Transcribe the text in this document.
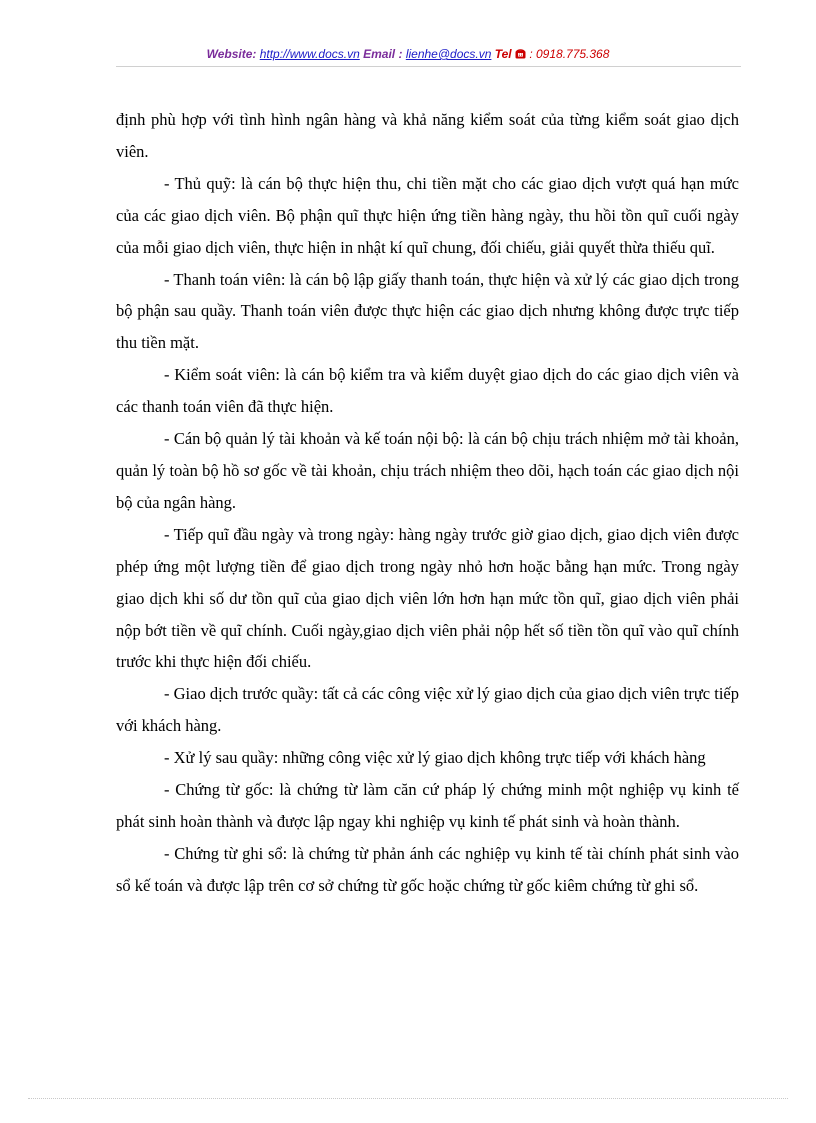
Website: http://www.docs.vn Email : lienhe@docs.vn Tel : 0918.775.368

định phù hợp với tình hình ngân hàng và khả năng kiểm soát của từng kiểm soát giao dịch viên.

- Thủ quỹ: là cán bộ thực hiện thu, chi tiền mặt cho các giao dịch vượt quá hạn mức của các giao dịch viên. Bộ phận quĩ thực hiện ứng tiền hàng ngày, thu hồi tồn quĩ cuối ngày của mỗi giao dịch viên, thực hiện in nhật kí quĩ chung, đối chiếu, giải quyết thừa thiếu quĩ.

- Thanh toán viên: là cán bộ lập giấy thanh toán, thực hiện và xử lý các giao dịch trong bộ phận sau quầy. Thanh toán viên được thực hiện các giao dịch nhưng không được trực tiếp thu tiền mặt.

- Kiểm soát viên: là cán bộ kiểm tra và kiểm duyệt giao dịch do các giao dịch viên và các thanh toán viên đã thực hiện.

- Cán bộ quản lý tài khoản và kế toán nội bộ: là cán bộ chịu trách nhiệm mở tài khoản, quản lý toàn bộ hồ sơ gốc về tài khoản, chịu trách nhiệm theo dõi, hạch toán các giao dịch nội bộ của ngân hàng.

- Tiếp quĩ đầu ngày và trong ngày: hàng ngày trước giờ giao dịch, giao dịch viên được phép ứng một lượng tiền để giao dịch trong ngày nhỏ hơn hoặc bằng hạn mức. Trong ngày giao dịch khi số dư tồn quĩ của giao dịch viên lớn hơn hạn mức tồn quĩ, giao dịch viên phải nộp bớt tiền về quĩ chính. Cuối ngày,giao dịch viên phải nộp hết số tiền tồn quĩ vào quĩ chính trước khi thực hiện đối chiếu.

- Giao dịch trước quầy: tất cả các công việc xử lý giao dịch của giao dịch viên trực tiếp với khách hàng.

- Xử lý sau quầy: những công việc xử lý giao dịch không trực tiếp với khách hàng

- Chứng từ gốc: là chứng từ làm căn cứ pháp lý chứng minh một nghiệp vụ kinh tế phát sinh hoàn thành và được lập ngay khi nghiệp vụ kinh tế phát sinh và hoàn thành.

- Chứng từ ghi sổ: là chứng từ phản ánh các nghiệp vụ kinh tế tài chính phát sinh vào sổ kế toán và được lập trên cơ sở chứng từ gốc hoặc chứng từ gốc kiêm chứng từ ghi sổ.
